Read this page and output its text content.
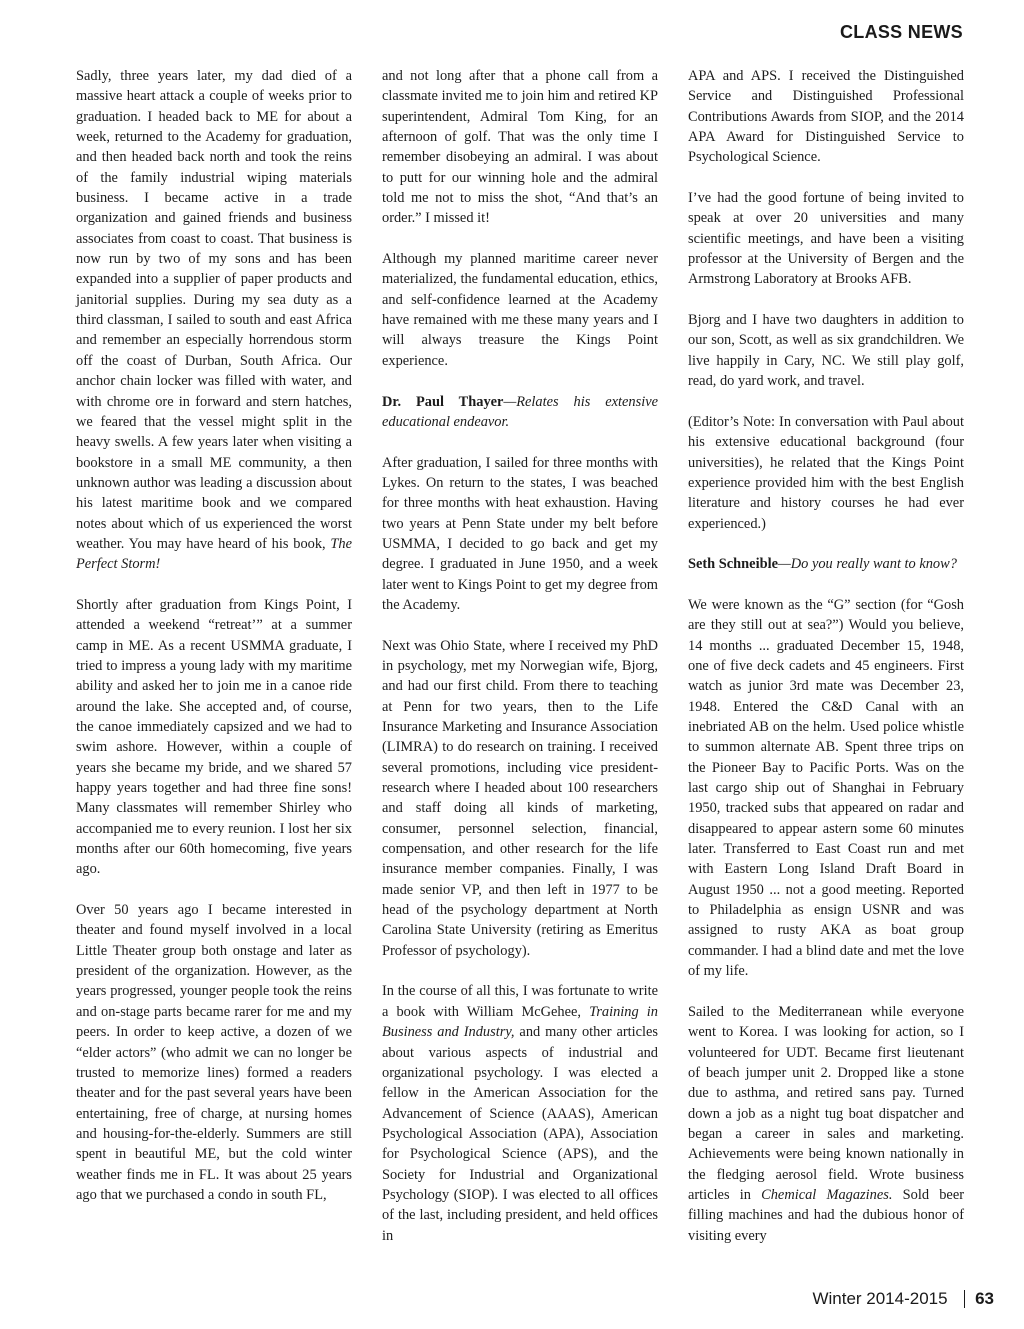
CLASS NEWS

Sadly, three years later, my dad died of a massive heart attack a couple of weeks prior to graduation. I headed back to ME for about a week, returned to the Academy for graduation, and then headed back north and took the reins of the family industrial wiping materials business. I became active in a trade organization and gained friends and business associates from coast to coast. That business is now run by two of my sons and has been expanded into a supplier of paper products and janitorial supplies. During my sea duty as a third classman, I sailed to south and east Africa and remember an especially horrendous storm off the coast of Durban, South Africa. Our anchor chain locker was filled with water, and with chrome ore in forward and stern hatches, we feared that the vessel might split in the heavy swells. A few years later when visiting a bookstore in a small ME community, a then unknown author was leading a discussion about his latest maritime book and we compared notes about which of us experienced the worst weather. You may have heard of his book, The Perfect Storm!

Shortly after graduation from Kings Point, I attended a weekend “retreat’” at a summer camp in ME. As a recent USMMA graduate, I tried to impress a young lady with my maritime ability and asked her to join me in a canoe ride around the lake. She accepted and, of course, the canoe immediately capsized and we had to swim ashore. However, within a couple of years she became my bride, and we shared 57 happy years together and had three fine sons! Many classmates will remember Shirley who accompanied me to every reunion. I lost her six months after our 60th homecoming, five years ago.

Over 50 years ago I became interested in theater and found myself involved in a local Little Theater group both onstage and later as president of the organization. However, as the years progressed, younger people took the reins and on-stage parts became rarer for me and my peers. In order to keep active, a dozen of we “elder actors” (who admit we can no longer be trusted to memorize lines) formed a readers theater and for the past several years have been entertaining, free of charge, at nursing homes and housing-for-the-elderly. Summers are still spent in beautiful ME, but the cold winter weather finds me in FL. It was about 25 years ago that we purchased a condo in south FL,

and not long after that a phone call from a classmate invited me to join him and retired KP superintendent, Admiral Tom King, for an afternoon of golf. That was the only time I remember disobeying an admiral. I was about to putt for our winning hole and the admiral told me not to miss the shot, “And that’s an order.” I missed it!

Although my planned maritime career never materialized, the fundamental education, ethics, and self-confidence learned at the Academy have remained with me these many years and I will always treasure the Kings Point experience.

Dr. Paul Thayer—Relates his extensive educational endeavor.

After graduation, I sailed for three months with Lykes. On return to the states, I was beached for three months with heat exhaustion. Having two years at Penn State under my belt before USMMA, I decided to go back and get my degree. I graduated in June 1950, and a week later went to Kings Point to get my degree from the Academy.

Next was Ohio State, where I received my PhD in psychology, met my Norwegian wife, Bjorg, and had our first child. From there to teaching at Penn for two years, then to the Life Insurance Marketing and Insurance Association (LIMRA) to do research on training. I received several promotions, including vice president-research where I headed about 100 researchers and staff doing all kinds of marketing, consumer, personnel selection, financial, compensation, and other research for the life insurance member companies. Finally, I was made senior VP, and then left in 1977 to be head of the psychology department at North Carolina State University (retiring as Emeritus Professor of psychology).

In the course of all this, I was fortunate to write a book with William McGehee, Training in Business and Industry, and many other articles about various aspects of industrial and organizational psychology. I was elected a fellow in the American Association for the Advancement of Science (AAAS), American Psychological Association (APA), Association for Psychological Science (APS), and the Society for Industrial and Organizational Psychology (SIOP). I was elected to all offices of the last, including president, and held offices in

APA and APS. I received the Distinguished Service and Distinguished Professional Contributions Awards from SIOP, and the 2014 APA Award for Distinguished Service to Psychological Science.

I’ve had the good fortune of being invited to speak at over 20 universities and many scientific meetings, and have been a visiting professor at the University of Bergen and the Armstrong Laboratory at Brooks AFB.

Bjorg and I have two daughters in addition to our son, Scott, as well as six grandchildren. We live happily in Cary, NC. We still play golf, read, do yard work, and travel.

(Editor’s Note: In conversation with Paul about his extensive educational background (four universities), he related that the Kings Point experience provided him with the best English literature and history courses he had ever experienced.)

Seth Schneible—Do you really want to know?

We were known as the “G” section (for “Gosh are they still out at sea?”) Would you believe, 14 months ... graduated December 15, 1948, one of five deck cadets and 45 engineers. First watch as junior 3rd mate was December 23, 1948. Entered the C&D Canal with an inebriated AB on the helm. Used police whistle to summon alternate AB. Spent three trips on the Pioneer Bay to Pacific Ports. Was on the last cargo ship out of Shanghai in February 1950, tracked subs that appeared on radar and disappeared to appear astern some 60 minutes later. Transferred to East Coast run and met with Eastern Long Island Draft Board in August 1950 ... not a good meeting. Reported to Philadelphia as ensign USNR and was assigned to rusty AKA as boat group commander. I had a blind date and met the love of my life.

Sailed to the Mediterranean while everyone went to Korea. I was looking for action, so I volunteered for UDT. Became first lieutenant of beach jumper unit 2. Dropped like a stone due to asthma, and retired sans pay. Turned down a job as a night tug boat dispatcher and began a career in sales and marketing. Achievements were being known nationally in the fledging aerosol field. Wrote business articles in Chemical Magazines. Sold beer filling machines and had the dubious honor of visiting every

Winter 2014-2015 63
